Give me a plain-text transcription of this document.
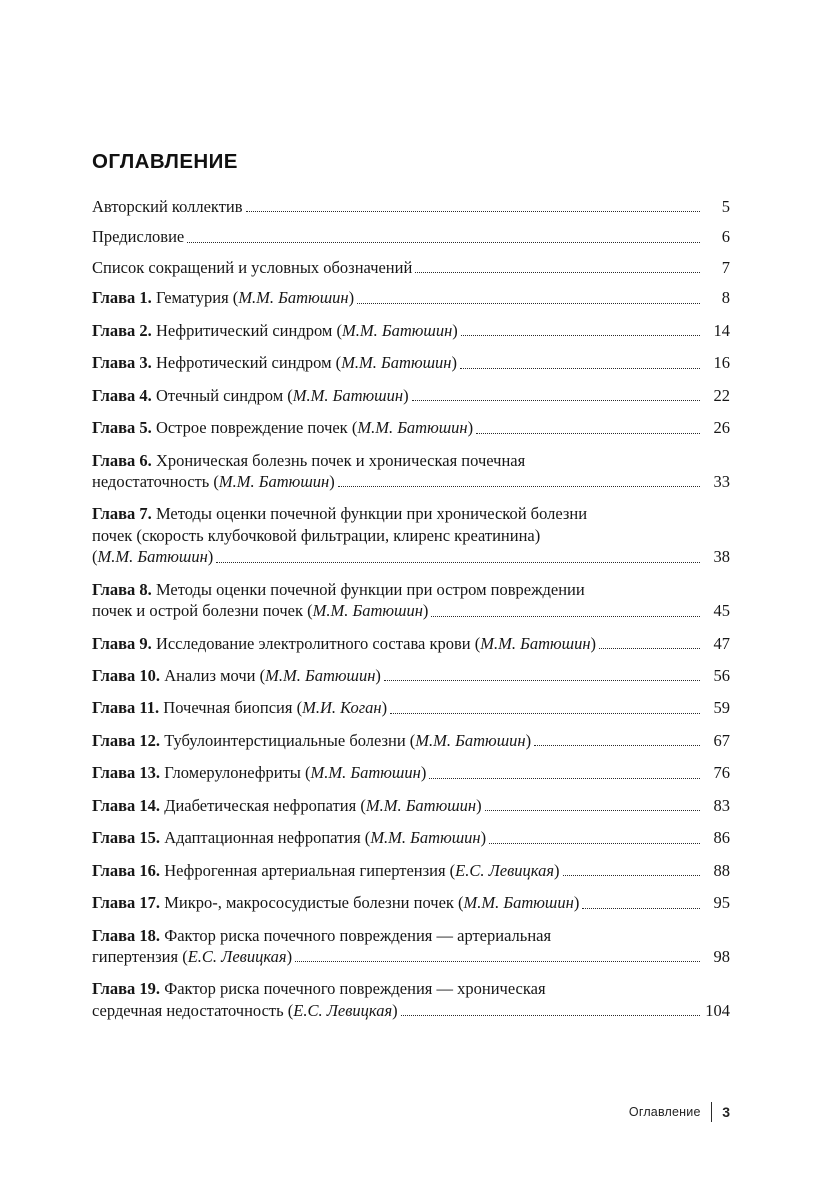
ОГЛАВЛЕНИЕ
Авторский коллектив	5
Предисловие	6
Список сокращений и условных обозначений	7
Глава 1. Гематурия (М.М. Батюшин)	8
Глава 2. Нефритический синдром (М.М. Батюшин)	14
Глава 3. Нефротический синдром (М.М. Батюшин)	16
Глава 4. Отечный синдром (М.М. Батюшин)	22
Глава 5. Острое повреждение почек (М.М. Батюшин)	26
Глава 6. Хроническая болезнь почек и хроническая почечная
недостаточность (М.М. Батюшин)	33
Глава 7. Методы оценки почечной функции при хронической болезни
почек (скорость клубочковой фильтрации, клиренс креатинина)
(М.М. Батюшин)	38
Глава 8. Методы оценки почечной функции при остром повреждении
почек и острой болезни почек (М.М. Батюшин)	45
Глава 9. Исследование электролитного состава крови (М.М. Батюшин)	47
Глава 10. Анализ мочи (М.М. Батюшин)	56
Глава 11. Почечная биопсия (М.И. Коган)	59
Глава 12. Тубулоинтерстициальные болезни (М.М. Батюшин)	67
Глава 13. Гломерулонефриты (М.М. Батюшин)	76
Глава 14. Диабетическая нефропатия (М.М. Батюшин)	83
Глава 15. Адаптационная нефропатия (М.М. Батюшин)	86
Глава 16. Нефрогенная артериальная гипертензия (Е.С. Левицкая)	88
Глава 17. Микро-, макрососудистые болезни почек (М.М. Батюшин)	95
Глава 18. Фактор риска почечного повреждения — артериальная
гипертензия (Е.С. Левицкая)	98
Глава 19. Фактор риска почечного повреждения — хроническая
сердечная недостаточность (Е.С. Левицкая)	104
Оглавление 3
